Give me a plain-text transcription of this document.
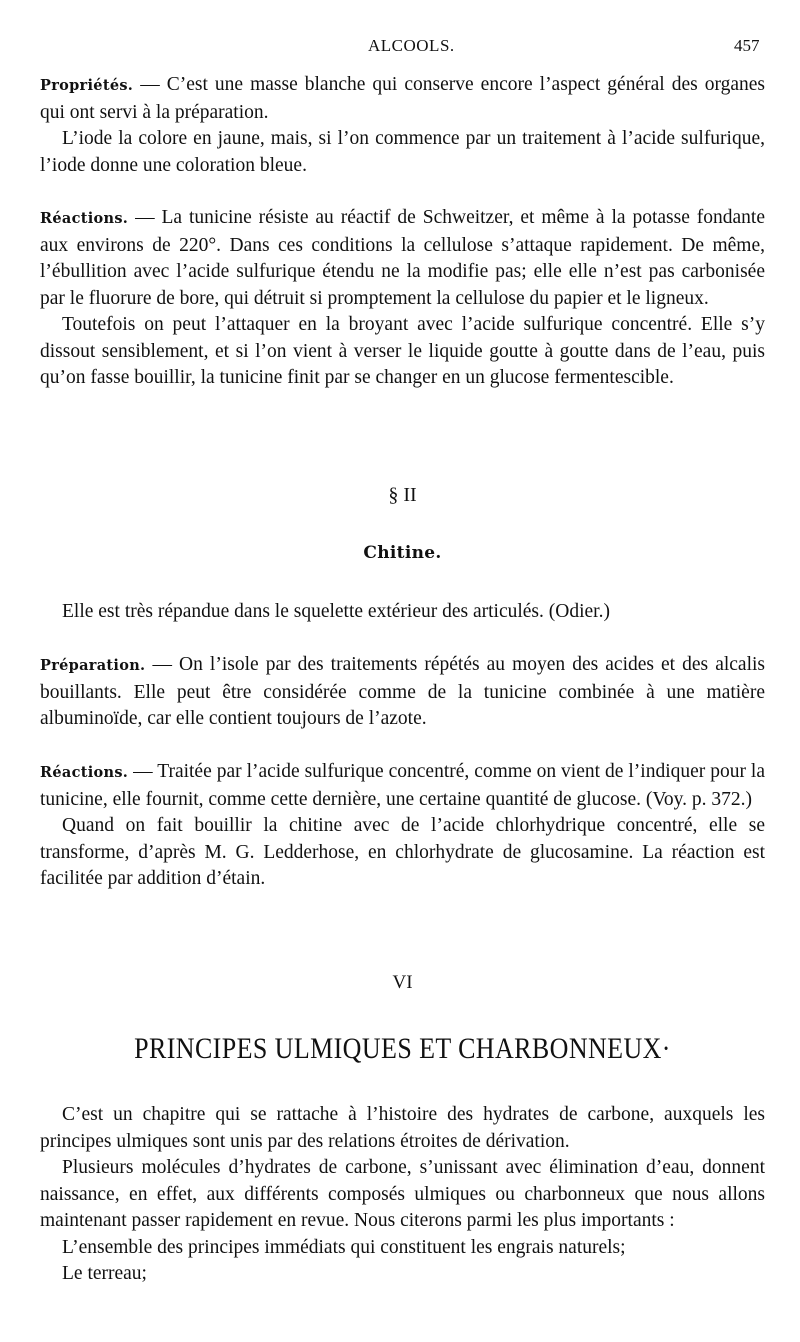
ALCOOLS.	457

Propriétés. — C’est une masse blanche qui conserve encore l’aspect général des organes qui ont servi à la préparation.

L’iode la colore en jaune, mais, si l’on commence par un traitement à l’acide sulfurique, l’iode donne une coloration bleue.

Réactions. — La tunicine résiste au réactif de Schweitzer, et même à la potasse fondante aux environs de 220°. Dans ces conditions la cellulose s’attaque rapidement. De même, l’ébullition avec l’acide sulfurique étendu ne la modifie pas; elle elle n’est pas carbonisée par le fluorure de bore, qui détruit si promptement la cellulose du papier et le ligneux.

Toutefois on peut l’attaquer en la broyant avec l’acide sulfurique concentré. Elle s’y dissout sensiblement, et si l’on vient à verser le liquide goutte à goutte dans de l’eau, puis qu’on fasse bouillir, la tunicine finit par se changer en un glucose fermentescible.

§ II
Chitine.

Elle est très répandue dans le squelette extérieur des articulés. (Odier.)

Préparation. — On l’isole par des traitements répétés au moyen des acides et des alcalis bouillants. Elle peut être considérée comme de la tunicine combinée à une matière albuminoïde, car elle contient toujours de l’azote.

Réactions. — Traitée par l’acide sulfurique concentré, comme on vient de l’indiquer pour la tunicine, elle fournit, comme cette dernière, une certaine quantité de glucose. (Voy. p. 372.)

Quand on fait bouillir la chitine avec de l’acide chlorhydrique concentré, elle se transforme, d’après M. G. Ledderhose, en chlorhydrate de glucosamine. La réaction est facilitée par addition d’étain.

VI
PRINCIPES ULMIQUES ET CHARBONNEUX·

C’est un chapitre qui se rattache à l’histoire des hydrates de carbone, auxquels les principes ulmiques sont unis par des relations étroites de dérivation.

Plusieurs molécules d’hydrates de carbone, s’unissant avec élimination d’eau, donnent naissance, en effet, aux différents composés ulmiques ou charbonneux que nous allons maintenant passer rapidement en revue. Nous citerons parmi les plus importants :

L’ensemble des principes immédiats qui constituent les engrais naturels;

Le terreau;
